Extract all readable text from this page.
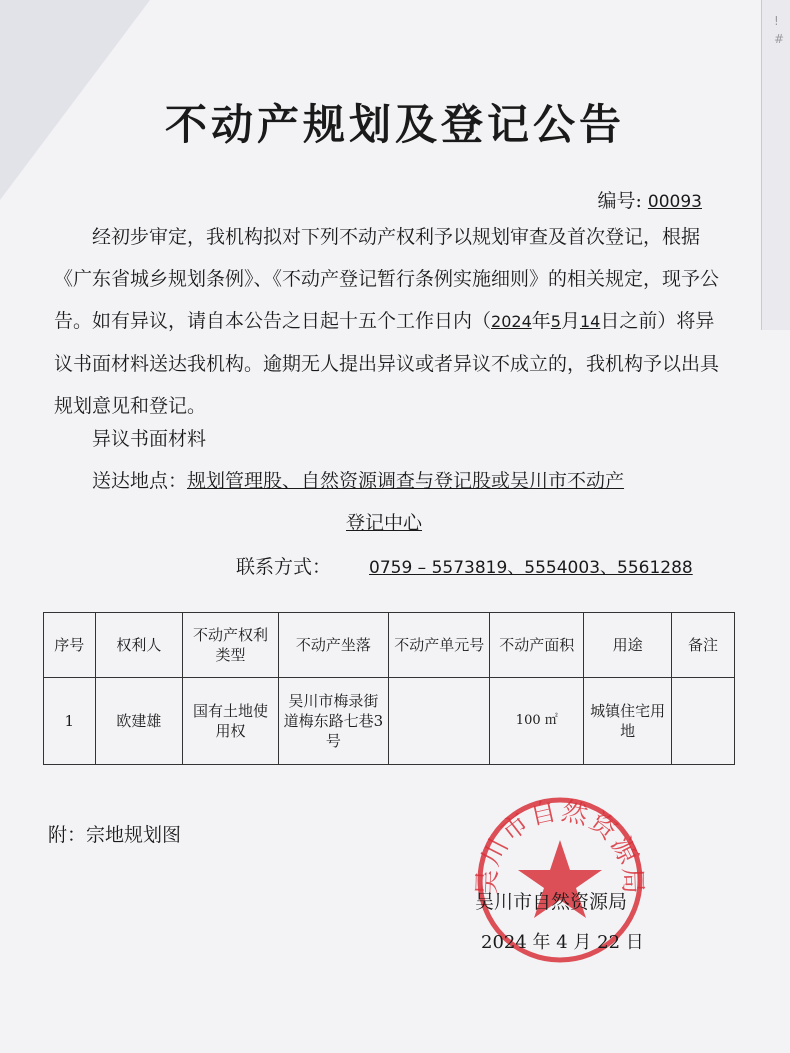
!
#
不动产规划及登记公告
编号: 00093

经初步审定，我机构拟对下列不动产权利予以规划审查及首次登记，根据《广东省城乡规划条例》、《不动产登记暂行条例实施细则》的相关规定，现予公告。如有异议，请自本公告之日起十五个工作日内（2024年5月14日之前）将异议书面材料送达我机构。逾期无人提出异议或者异议不成立的，我机构予以出具规划意见和登记。

异议书面材料
送达地点：规划管理股、自然资源调查与登记股或吴川市不动产
登记中心
联系方式： 0759 – 5573819、5554003、5561288
序号	权利人	不动产权利类型	不动产坐落	不动产单元号	不动产面积	用途	备注
1	欧建雄	国有土地使用权	吴川市梅录街道梅东路七巷3号		100 ㎡	城镇住宅用地	
附：宗地规划图
吴川市自然资源局
吴川市自然资源局
2024 年 4 月 22 日
